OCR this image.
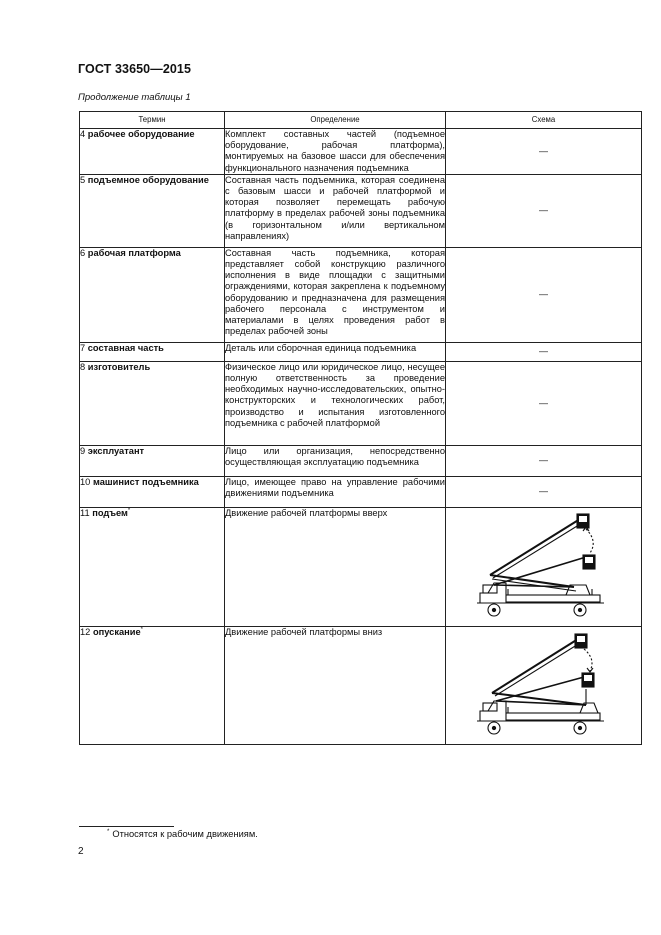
ГОСТ 33650—2015
Продолжение таблицы 1
Термин	Определение	Схема
4 рабочее оборудование	Комплект составных частей (подъемное оборудование, рабочая платформа), монтируемых на базовое шасси для обеспечения функционального назначения подъемника	—
5 подъемное оборудование	Составная часть подъемника, которая соединена с базовым шасси и рабочей платформой и которая позволяет перемещать рабочую платформу в пределах рабочей зоны подъемника (в горизонтальном и/или вертикальном направлениях)	—
6 рабочая платформа	Составная часть подъемника, которая представляет собой конструкцию различного исполнения в виде площадки с защитными ограждениями, которая закреплена к подъемному оборудованию и предназначена для размещения рабочего персонала с инструментом и материалами в целях проведения работ в пределах рабочей зоны	—
7 составная часть	Деталь или сборочная единица подъемника	—
8 изготовитель	Физическое лицо или юридическое лицо, несущее полную ответственность за проведение необходимых научно-исследовательских, опытно-конструкторских и технологических работ, производство и испытания изготовленного подъемника с рабочей платформой	—
9 эксплуатант	Лицо или организация, непосредственно осуществляющая эксплуатацию подъемника	—
10 машинист подъемника	Лицо, имеющее право на управление рабочими движениями подъемника	—
11 подъем*	Движение рабочей платформы вверх	

12 опускание*	Движение рабочей платформы вниз	
* Относятся к рабочим движениям.
2
